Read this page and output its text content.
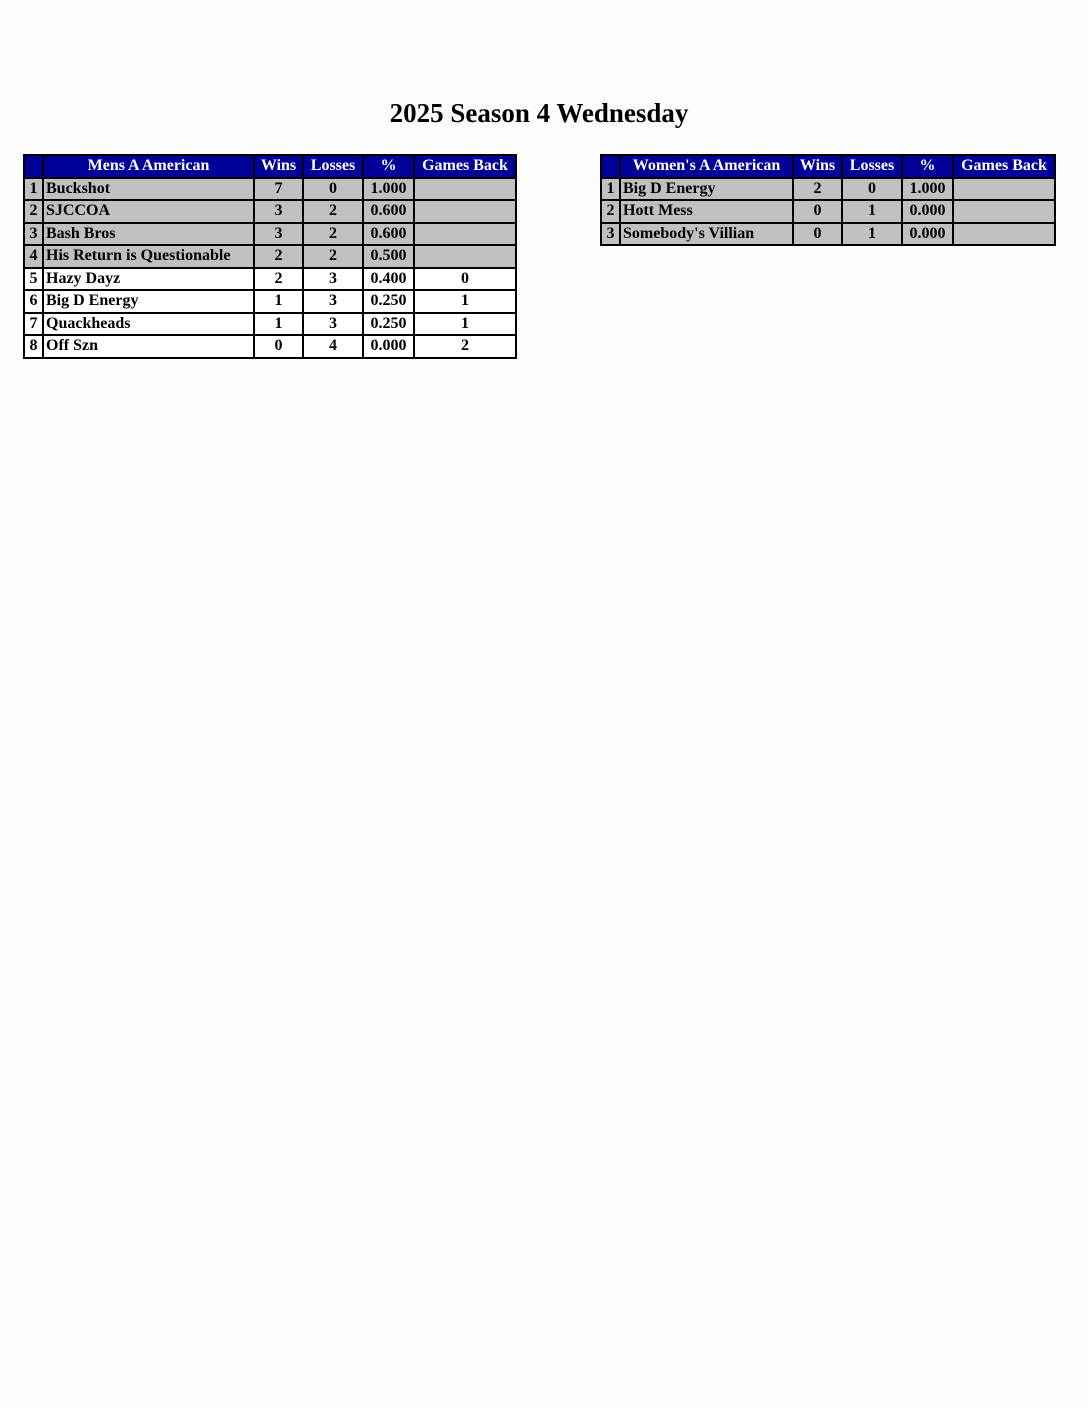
2025 Season 4 Wednesday
	Mens A American	Wins	Losses	%	Games Back
1	Buckshot	7	0	1.000	
2	SJCCOA	3	2	0.600	
3	Bash Bros	3	2	0.600	
4	His Return is Questionable	2	2	0.500	
5	Hazy Dayz	2	3	0.400	0
6	Big D Energy	1	3	0.250	1
7	Quackheads	1	3	0.250	1
8	Off Szn	0	4	0.000	2
	Women's A American	Wins	Losses	%	Games Back
1	Big D Energy	2	0	1.000	
2	Hott Mess	0	1	0.000	
3	Somebody's Villian	0	1	0.000	
